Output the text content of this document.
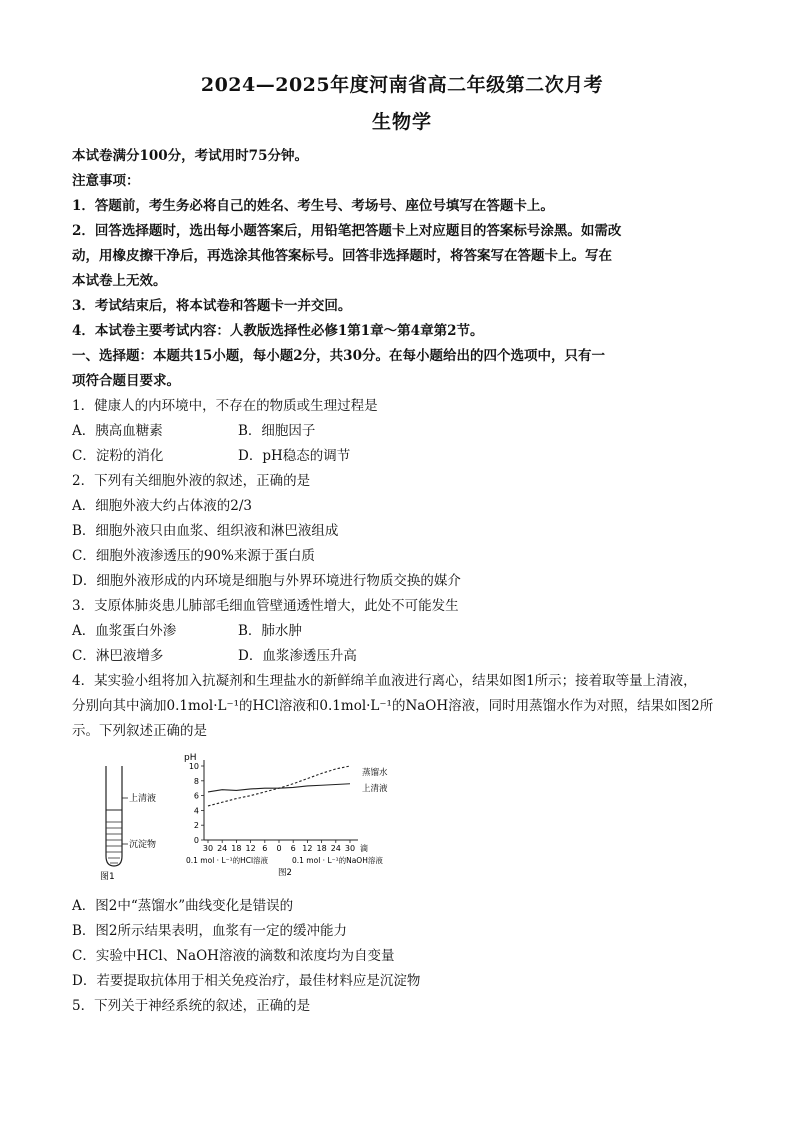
2024—2025年度河南省高二年级第二次月考

生物学

本试卷满分100分，考试用时75分钟。

注意事项：

1．答题前，考生务必将自己的姓名、考生号、考场号、座位号填写在答题卡上。

2．回答选择题时，选出每小题答案后，用铅笔把答题卡上对应题目的答案标号涂黑。如需改

动，用橡皮擦干净后，再选涂其他答案标号。回答非选择题时，将答案写在答题卡上。写在

本试卷上无效。

3．考试结束后，将本试卷和答题卡一并交回。

4．本试卷主要考试内容：人教版选择性必修1第1章～第4章第2节。

一、选择题：本题共15小题，每小题2分，共30分。在每小题给出的四个选项中，只有一

项符合题目要求。

1．健康人的内环境中，不存在的物质或生理过程是

A．胰高血糖素	B．细胞因子
C．淀粉的消化	D．pH稳态的调节

2．下列有关细胞外液的叙述，正确的是

A．细胞外液大约占体液的2/3

B．细胞外液只由血浆、组织液和淋巴液组成

C．细胞外液渗透压的90%来源于蛋白质

D．细胞外液形成的内环境是细胞与外界环境进行物质交换的媒介

3．支原体肺炎患儿肺部毛细血管壁通透性增大，此处不可能发生

A．血浆蛋白外渗	B．肺水肿
C．淋巴液增多	D．血浆渗透压升高

4．某实验小组将加入抗凝剂和生理盐水的新鲜绵羊血液进行离心，结果如图1所示；接着取等量上清液，

分别向其中滴加0.1mol·L⁻¹的HCl溶液和0.1mol·L⁻¹的NaOH溶液，同时用蒸馏水作为对照，结果如图2所

示。下列叙述正确的是

上清液
沉淀物
图1
pH
0
2
4
6
8
10
30 24 18 12 6 0 6 12 18 24 30 滴
0.1 mol · L⁻¹的HCl溶液	0.1 mol · L⁻¹的NaOH溶液
图2
蒸馏水
上清液

A．图2中“蒸馏水”曲线变化是错误的

B．图2所示结果表明，血浆有一定的缓冲能力

C．实验中HCl、NaOH溶液的滴数和浓度均为自变量

D．若要提取抗体用于相关免疫治疗，最佳材料应是沉淀物

5．下列关于神经系统的叙述，正确的是
